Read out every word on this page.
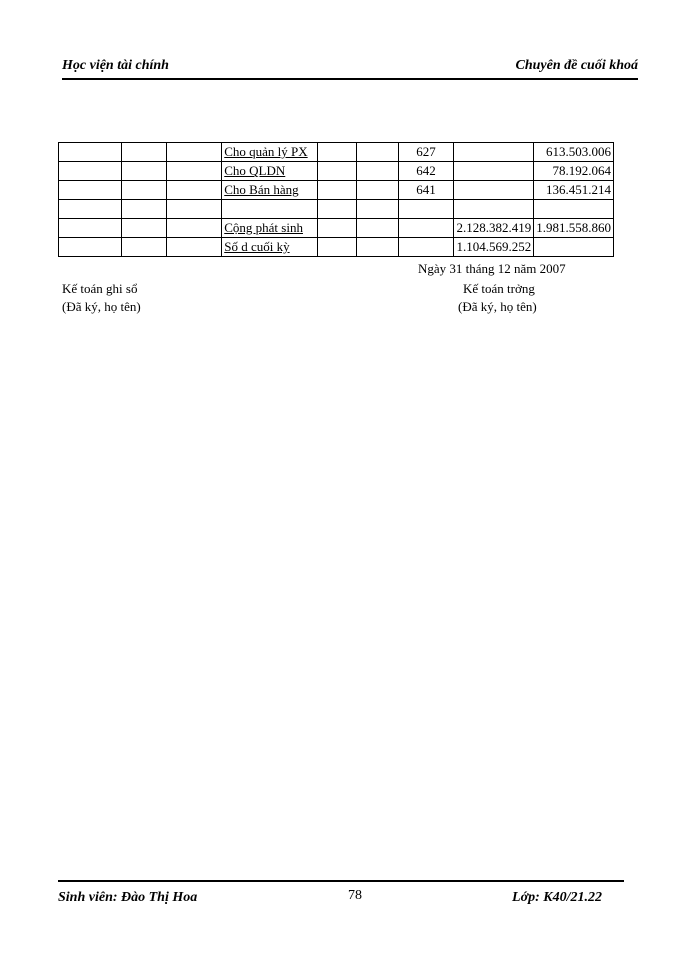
Học viện tài chính	Chuyên đề cuối khoá
			Cho quản lý PX			627		613.503.006
			Cho QLDN			642		78.192.064
			Cho Bán hàng			641		136.451.214

			Cộng phát sinh				2.128.382.419	1.981.558.860
			Số d cuối kỳ				1.104.569.252	
Ngày 31 tháng 12 năm 2007
Kế toán ghi sổ
(Đã ký, họ tên)
Kế toán trởng
(Đã ký, họ tên)
Sinh viên: Đào Thị Hoa	78	Lớp: K40/21.22
